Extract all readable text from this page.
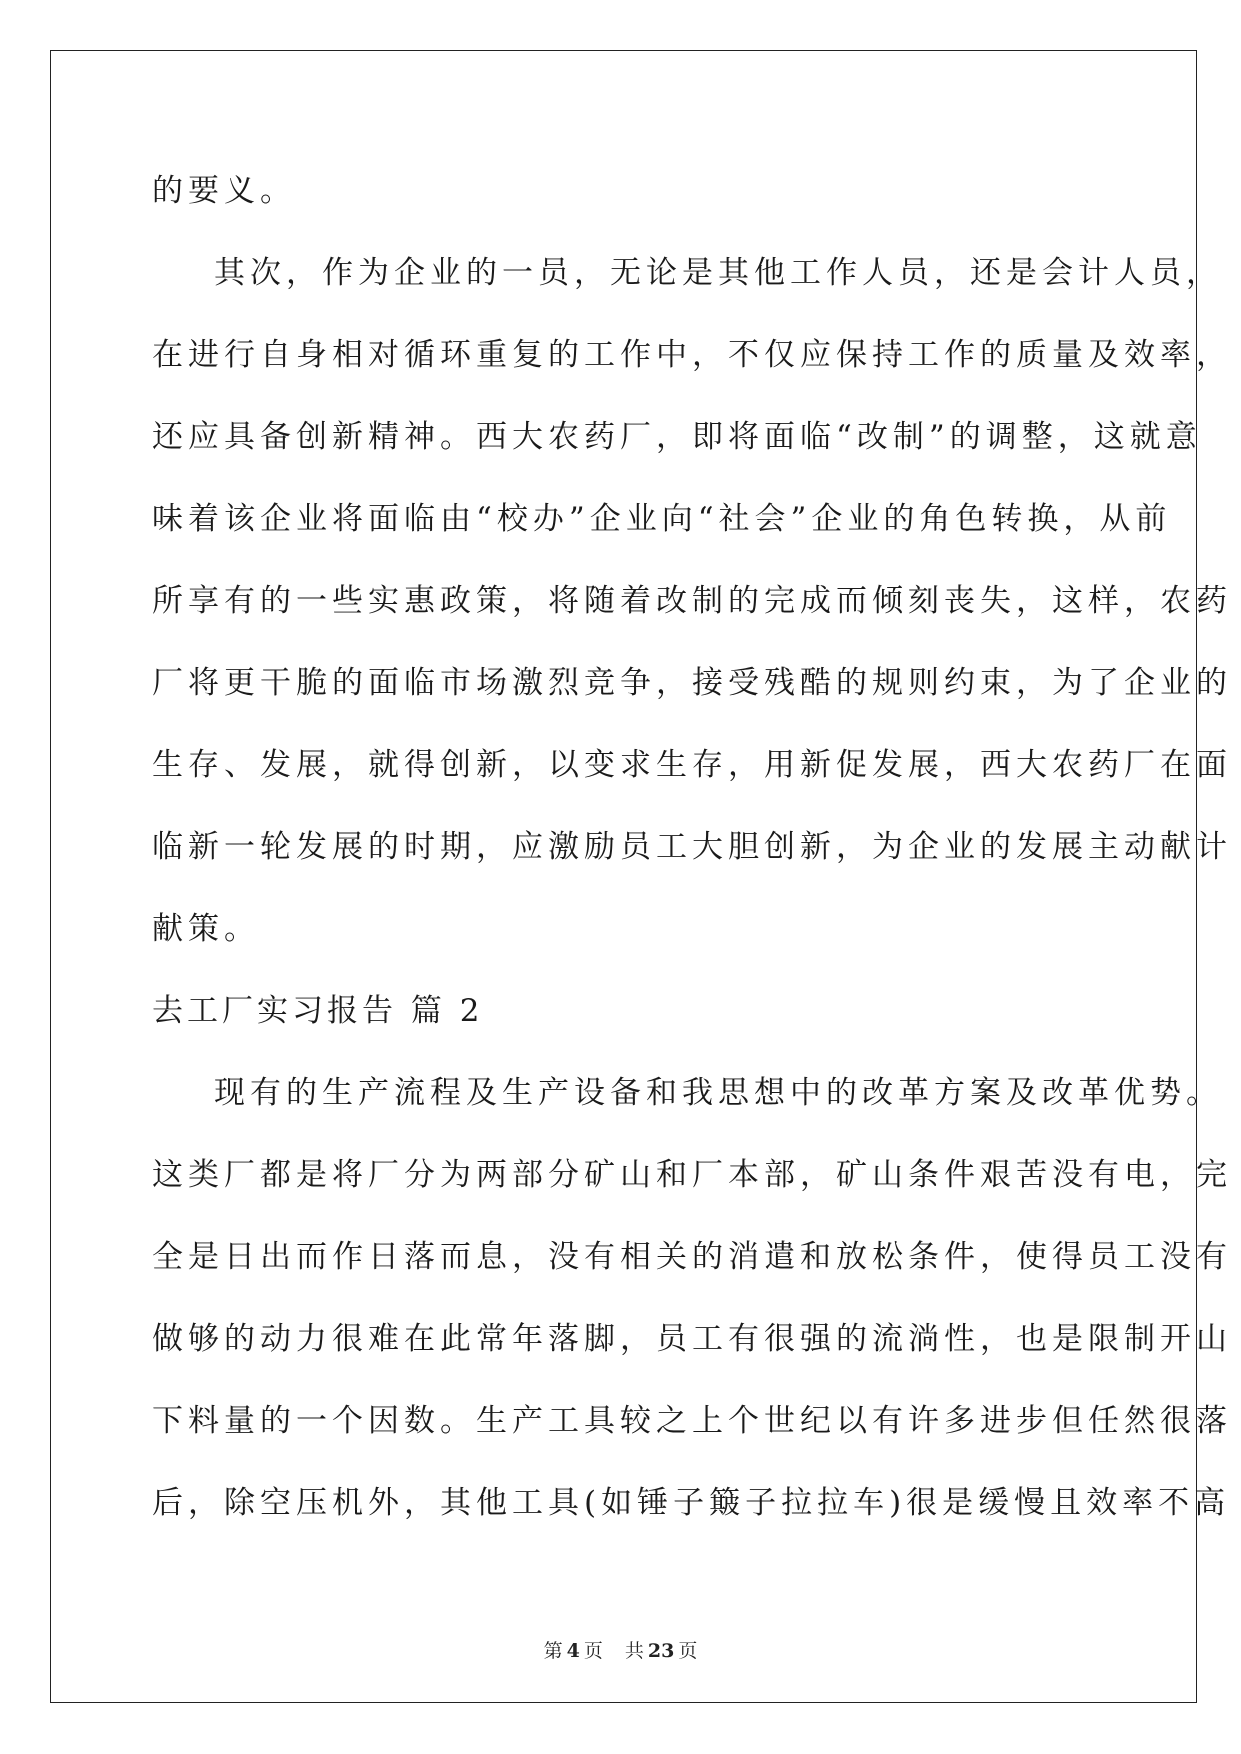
的要义。
其次，作为企业的一员，无论是其他工作人员，还是会计人员，
在进行自身相对循环重复的工作中，不仅应保持工作的质量及效率，
还应具备创新精神。西大农药厂，即将面临“改制”的调整，这就意
味着该企业将面临由“校办”企业向“社会”企业的角色转换，从前
所享有的一些实惠政策，将随着改制的完成而倾刻丧失，这样，农药
厂将更干脆的面临市场激烈竞争，接受残酷的规则约束，为了企业的
生存、发展，就得创新，以变求生存，用新促发展，西大农药厂在面
临新一轮发展的时期，应激励员工大胆创新，为企业的发展主动献计
献策。
去工厂实习报告 篇 2
现有的生产流程及生产设备和我思想中的改革方案及改革优势。
这类厂都是将厂分为两部分矿山和厂本部，矿山条件艰苦没有电，完
全是日出而作日落而息，没有相关的消遣和放松条件，使得员工没有
做够的动力很难在此常年落脚，员工有很强的流淌性，也是限制开山
下料量的一个因数。生产工具较之上个世纪以有许多进步但任然很落
后，除空压机外，其他工具(如锤子簸子拉拉车)很是缓慢且效率不高
第 4 页 共 23 页
